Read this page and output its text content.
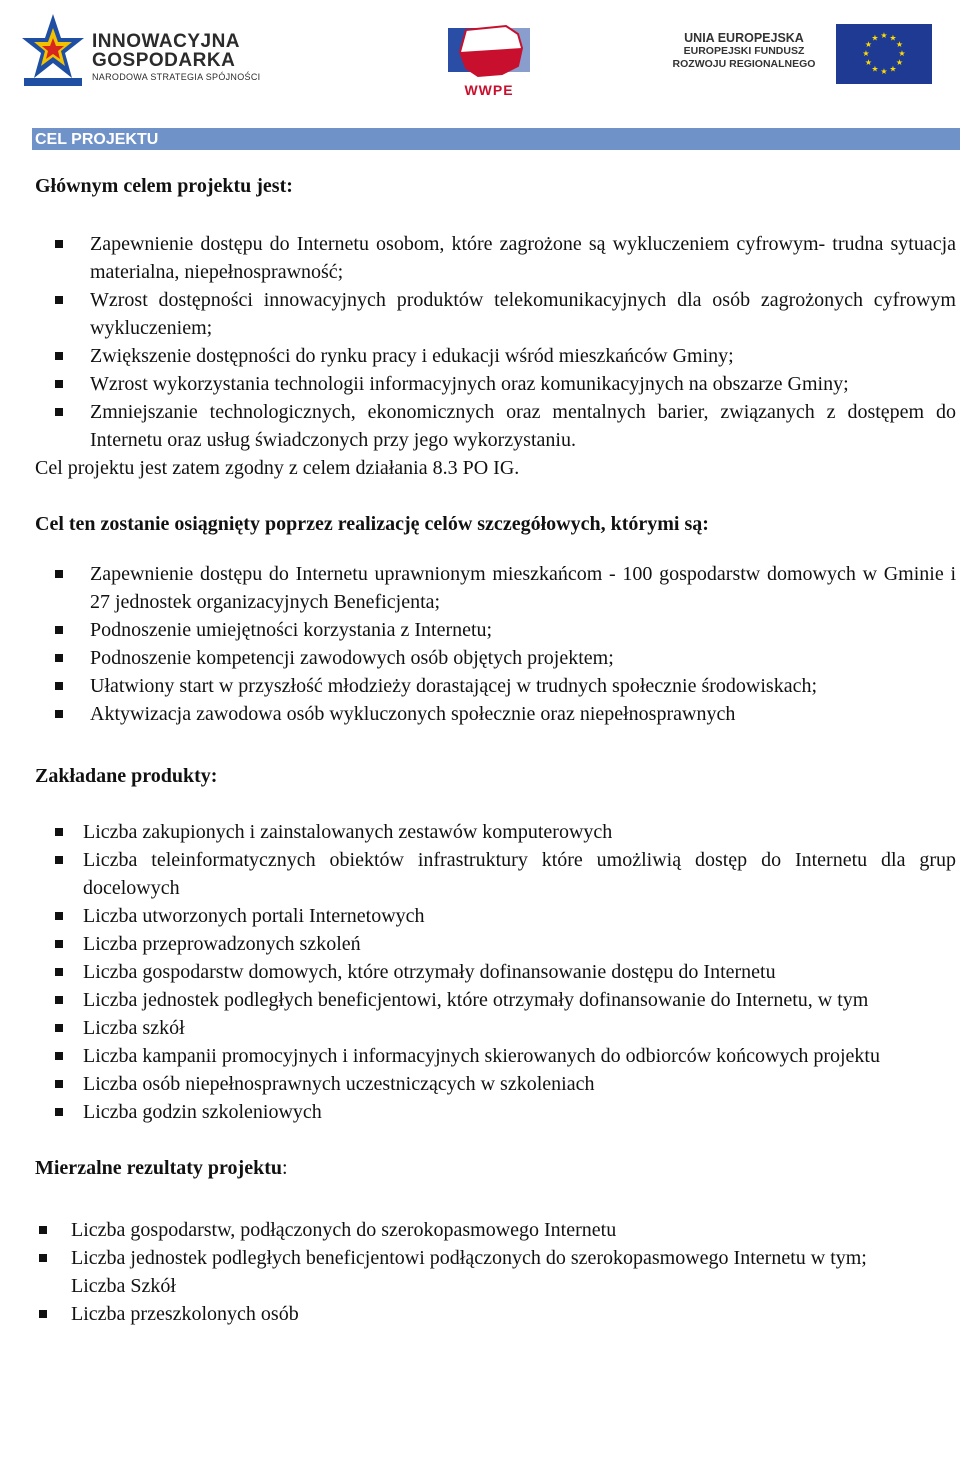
INNOWACYJNA
GOSPODARKA
NARODOWA STRATEGIA SPÓJNOŚCI
WWPE
UNIA EUROPEJSKA
EUROPEJSKI FUNDUSZ
ROZWOJU REGIONALNEGO
★ ★
★
★
★
★
★
★
★
★
★
★
CEL PROJEKTU

Głównym celem projektu jest:

Zapewnienie dostępu do Internetu osobom, które zagrożone są wykluczeniem cyfrowym- trudna sytuacja materialna, niepełnosprawność;
Wzrost dostępności innowacyjnych produktów telekomunikacyjnych dla osób zagrożonych cyfrowym wykluczeniem;
Zwiększenie dostępności do rynku pracy i edukacji wśród mieszkańców Gminy;
Wzrost wykorzystania technologii informacyjnych oraz komunikacyjnych na obszarze Gminy;
Zmniejszanie technologicznych, ekonomicznych oraz mentalnych barier, związanych z dostępem do Internetu oraz usług świadczonych przy jego wykorzystaniu.

Cel projektu jest zatem zgodny z celem działania 8.3 PO IG.

Cel ten zostanie osiągnięty poprzez realizację celów szczegółowych, którymi są:

Zapewnienie dostępu do Internetu uprawnionym mieszkańcom - 100 gospodarstw domowych w Gminie i 27 jednostek organizacyjnych Beneficjenta;
Podnoszenie umiejętności korzystania z Internetu;
Podnoszenie kompetencji zawodowych osób objętych projektem;
Ułatwiony start w przyszłość młodzieży dorastającej w trudnych społecznie środowiskach;
Aktywizacja zawodowa osób wykluczonych społecznie oraz niepełnosprawnych

Zakładane produkty:

Liczba zakupionych i zainstalowanych zestawów komputerowych
Liczba teleinformatycznych obiektów infrastruktury które umożliwią dostęp do Internetu dla grup docelowych
Liczba utworzonych portali Internetowych
Liczba przeprowadzonych szkoleń
Liczba gospodarstw domowych, które otrzymały dofinansowanie dostępu do Internetu
Liczba jednostek podległych beneficjentowi, które otrzymały dofinansowanie do Internetu, w tym
Liczba szkół
Liczba kampanii promocyjnych i informacyjnych skierowanych do odbiorców końcowych projektu
Liczba osób niepełnosprawnych uczestniczących w szkoleniach
Liczba godzin szkoleniowych

Mierzalne rezultaty projektu:

Liczba gospodarstw, podłączonych do szerokopasmowego Internetu
Liczba jednostek podległych beneficjentowi podłączonych do szerokopasmowego Internetu w tym;
Liczba Szkół
Liczba przeszkolonych osób
